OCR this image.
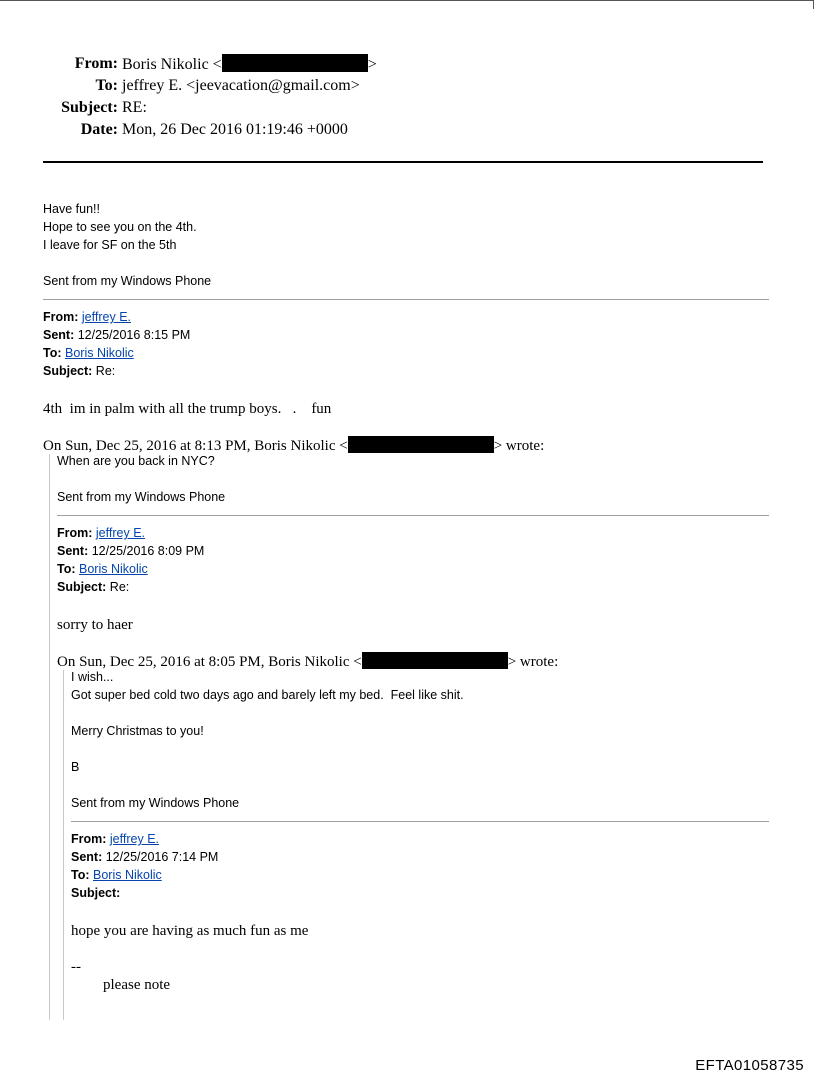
From: Boris Nikolic <	>
To: jeffrey E. <jeevacation@gmail.com>
Subject: RE:
Date: Mon, 26 Dec 2016 01:19:46 +0000
Have fun!!
Hope to see you on the 4th.
I leave for SF on the 5th
Sent from my Windows Phone
From: jeffrey E.
Sent: 12/25/2016 8:15 PM
To: Boris Nikolic
Subject: Re:
4th  im in palm with all the trump boys.   .    fun
On Sun, Dec 25, 2016 at 8:13 PM, Boris Nikolic <	> wrote:
When are you back in NYC?
Sent from my Windows Phone
From: jeffrey E.
Sent: 12/25/2016 8:09 PM
To: Boris Nikolic
Subject: Re:
sorry to haer
On Sun, Dec 25, 2016 at 8:05 PM, Boris Nikolic <	> wrote:
I wish...
Got super bed cold two days ago and barely left my bed.  Feel like shit.
Merry Christmas to you!
B
Sent from my Windows Phone
From: jeffrey E.
Sent: 12/25/2016 7:14 PM
To: Boris Nikolic
Subject:
hope you are having as much fun as me
--
please note
EFTA01058735
